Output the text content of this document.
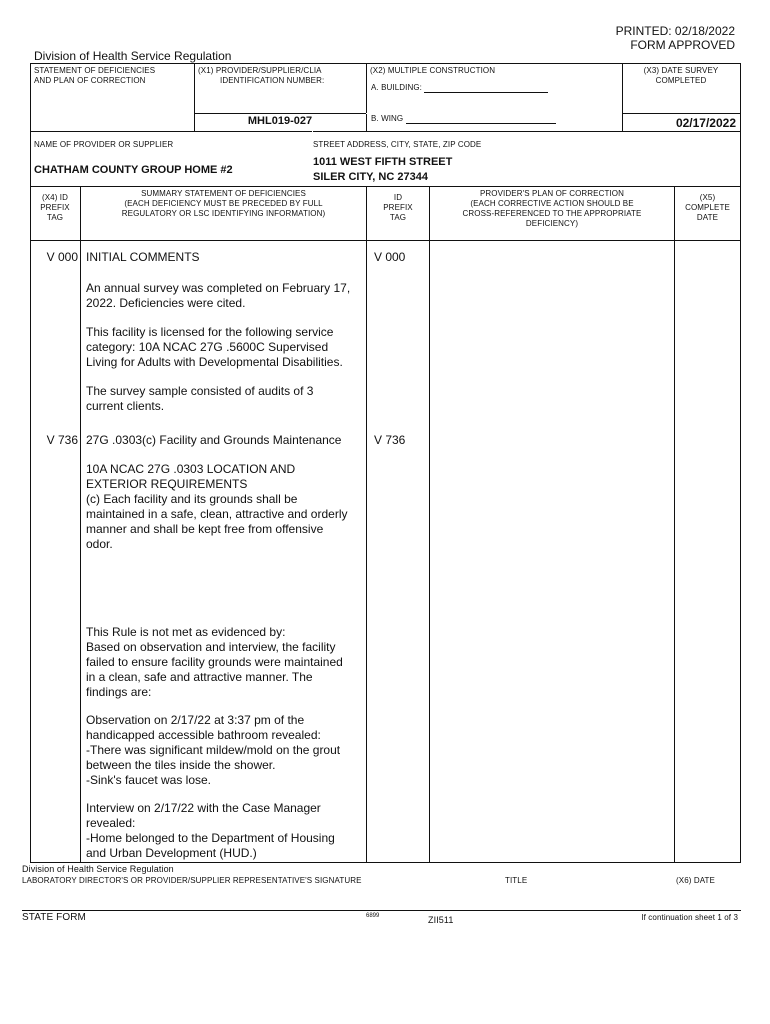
PRINTED: 02/18/2022
FORM APPROVED
Division of Health Service Regulation
STATEMENT OF DEFICIENCIES
AND PLAN OF CORRECTION
(X1) PROVIDER/SUPPLIER/CLIA
IDENTIFICATION NUMBER:
MHL019-027
(X2) MULTIPLE CONSTRUCTION
A. BUILDING:
B. WING
(X3) DATE SURVEY
COMPLETED
02/17/2022
NAME OF PROVIDER OR SUPPLIER
CHATHAM COUNTY GROUP HOME #2
STREET ADDRESS, CITY, STATE, ZIP CODE
1011 WEST FIFTH STREET
SILER CITY, NC 27344
(X4) ID
PREFIX
TAG
SUMMARY STATEMENT OF DEFICIENCIES
(EACH DEFICIENCY MUST BE PRECEDED BY FULL
REGULATORY OR LSC IDENTIFYING INFORMATION)
ID
PREFIX
TAG
PROVIDER'S PLAN OF CORRECTION
(EACH CORRECTIVE ACTION SHOULD BE
CROSS-REFERENCED TO THE APPROPRIATE
DEFICIENCY)
(X5)
COMPLETE
DATE
V 000 INITIAL COMMENTS	V 000
An annual survey was completed on February 17,
2022. Deficiencies were cited.
This facility is licensed for the following service
category: 10A NCAC 27G .5600C Supervised
Living for Adults with Developmental Disabilities.
The survey sample consisted of audits of 3
current clients.
V 736 27G .0303(c) Facility and Grounds Maintenance	V 736
10A NCAC 27G .0303 LOCATION AND
EXTERIOR REQUIREMENTS
(c) Each facility and its grounds shall be
maintained in a safe, clean, attractive and orderly
manner and shall be kept free from offensive
odor.
This Rule is not met as evidenced by:
Based on observation and interview, the facility
failed to ensure facility grounds were maintained
in a clean, safe and attractive manner. The
findings are:
Observation on 2/17/22 at 3:37 pm of the
handicapped accessible bathroom revealed:
-There was significant mildew/mold on the grout
between the tiles inside the shower.
-Sink's faucet was lose.
Interview on 2/17/22 with the Case Manager
revealed:
-Home belonged to the Department of Housing
and Urban Development (HUD.)
Division of Health Service Regulation
LABORATORY DIRECTOR'S OR PROVIDER/SUPPLIER REPRESENTATIVE'S SIGNATURE	TITLE	(X6) DATE
STATE FORM	6899	ZII511	If continuation sheet 1 of 3
